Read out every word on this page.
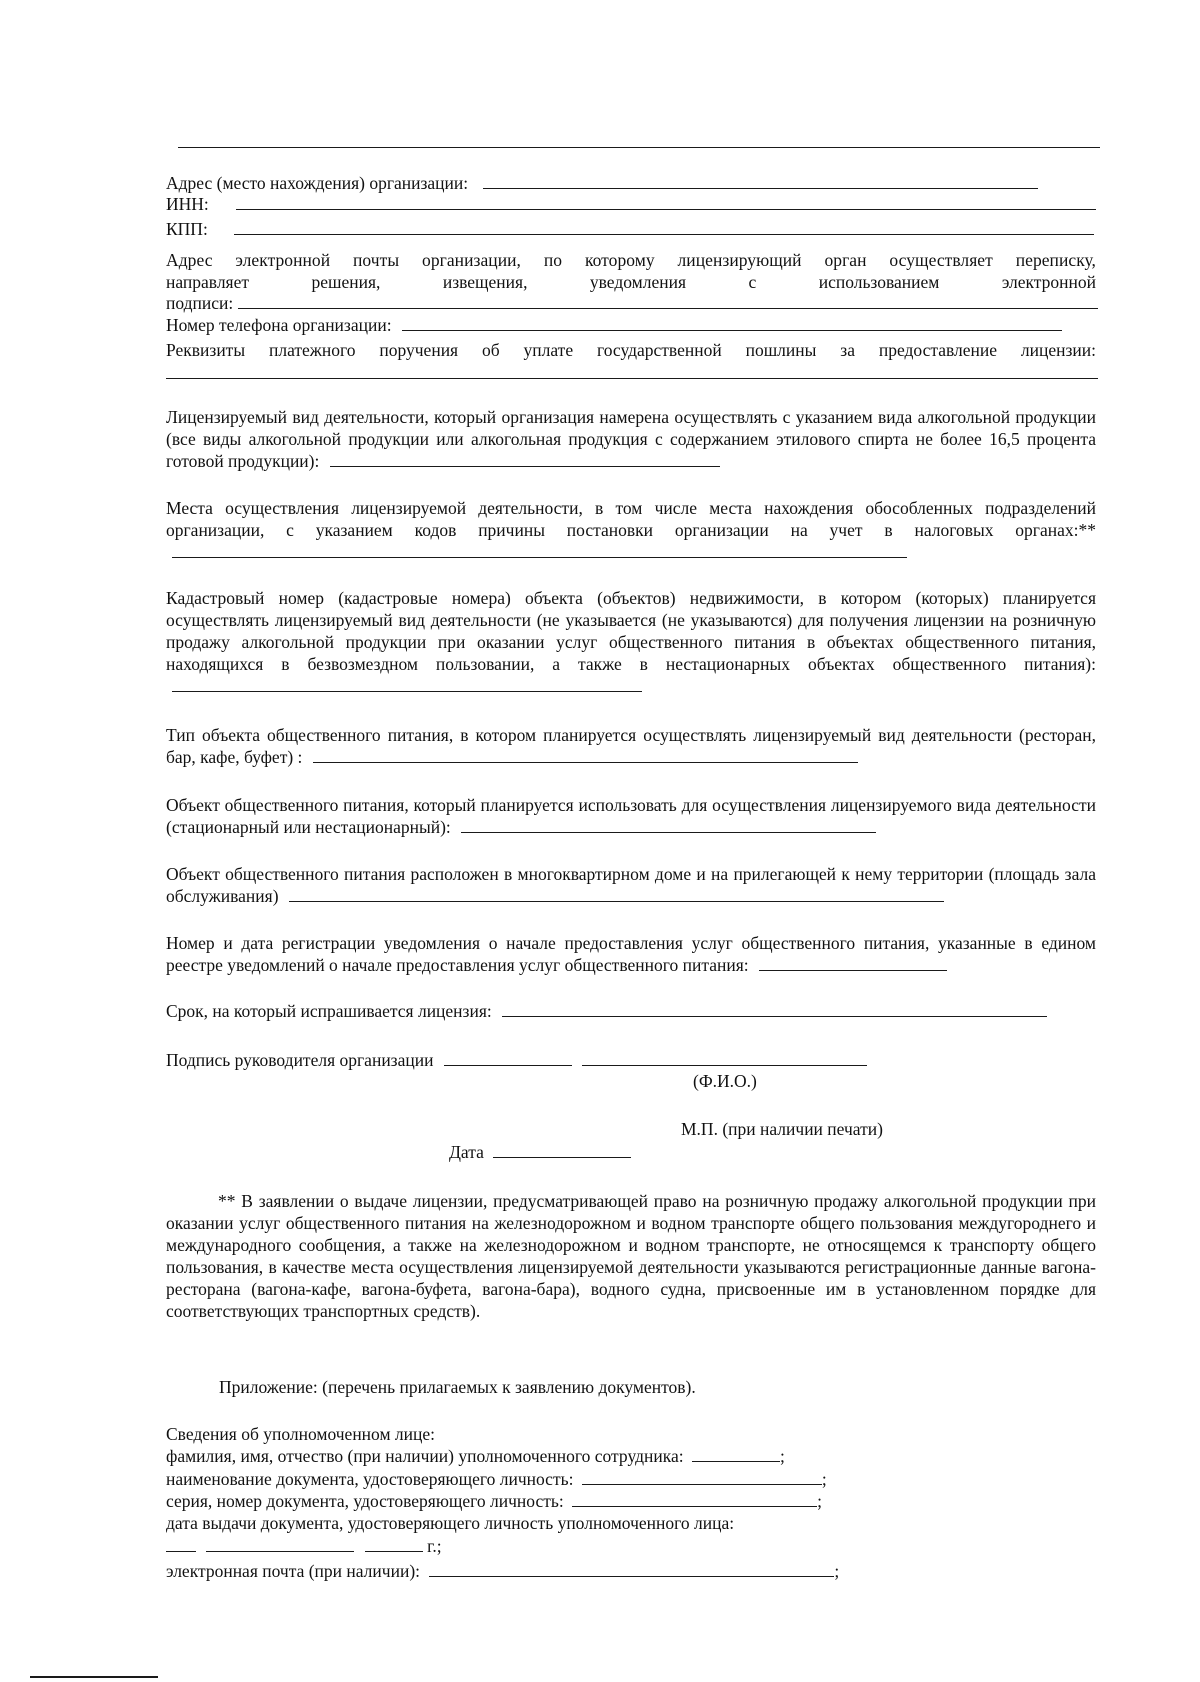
Адрес (место нахождения) организации:
ИНН:
КПП:
Адрес электронной почты организации, по которому лицензирующий орган осуществляет переписку,
направляет решения, извещения, уведомления с использованием электронной
подписи:
Номер телефона организации:
Реквизиты платежного поручения об уплате государственной пошлины за предоставление лицензии:
Лицензируемый вид деятельности, который организация намерена осуществлять с указанием вида алкогольной продукции (все виды алкогольной продукции или алкогольная продукция с содержанием этилового спирта не более 16,5 процента готовой продукции):
Места осуществления лицензируемой деятельности, в том числе места нахождения обособленных подразделений организации, с указанием кодов причины постановки организации на учет в налоговых органах:**
Кадастровый номер (кадастровые номера) объекта (объектов) недвижимости, в котором (которых) планируется осуществлять лицензируемый вид деятельности (не указывается (не указываются) для получения лицензии на розничную продажу алкогольной продукции при оказании услуг общественного питания в объектах общественного питания, находящихся в безвозмездном пользовании, а также в нестационарных объектах общественного питания):
Тип объекта общественного питания, в котором планируется осуществлять лицензируемый вид деятельности (ресторан, бар, кафе, буфет) :
Объект общественного питания, который планируется использовать для осуществления лицензируемого вида деятельности (стационарный или нестационарный):
Объект общественного питания расположен в многоквартирном доме и на прилегающей к нему территории (площадь зала обслуживания)
Номер и дата регистрации уведомления о начале предоставления услуг общественного питания, указанные в едином реестре уведомлений о начале предоставления услуг общественного питания:
Срок, на который испрашивается лицензия:
Подпись руководителя организации
(Ф.И.О.)
М.П. (при наличии печати)
Дата
** В заявлении о выдаче лицензии, предусматривающей право на розничную продажу алкогольной продукции при оказании услуг общественного питания на железнодорожном и водном транспорте общего пользования междугороднего и международного сообщения, а также на железнодорожном и водном транспорте, не относящемся к транспорту общего пользования, в качестве места осуществления лицензируемой деятельности указываются регистрационные данные вагона-ресторана (вагона-кафе, вагона-буфета, вагона-бара), водного судна, присвоенные им в установленном порядке для соответствующих транспортных средств).
Приложение: (перечень прилагаемых к заявлению документов).
Сведения об уполномоченном лице:
фамилия, имя, отчество (при наличии) уполномоченного сотрудника:	;
наименование документа, удостоверяющего личность:	;
серия, номер документа, удостоверяющего личность:	;
дата выдачи документа, удостоверяющего личность уполномоченного лица:
г.;
электронная почта (при наличии):	;
